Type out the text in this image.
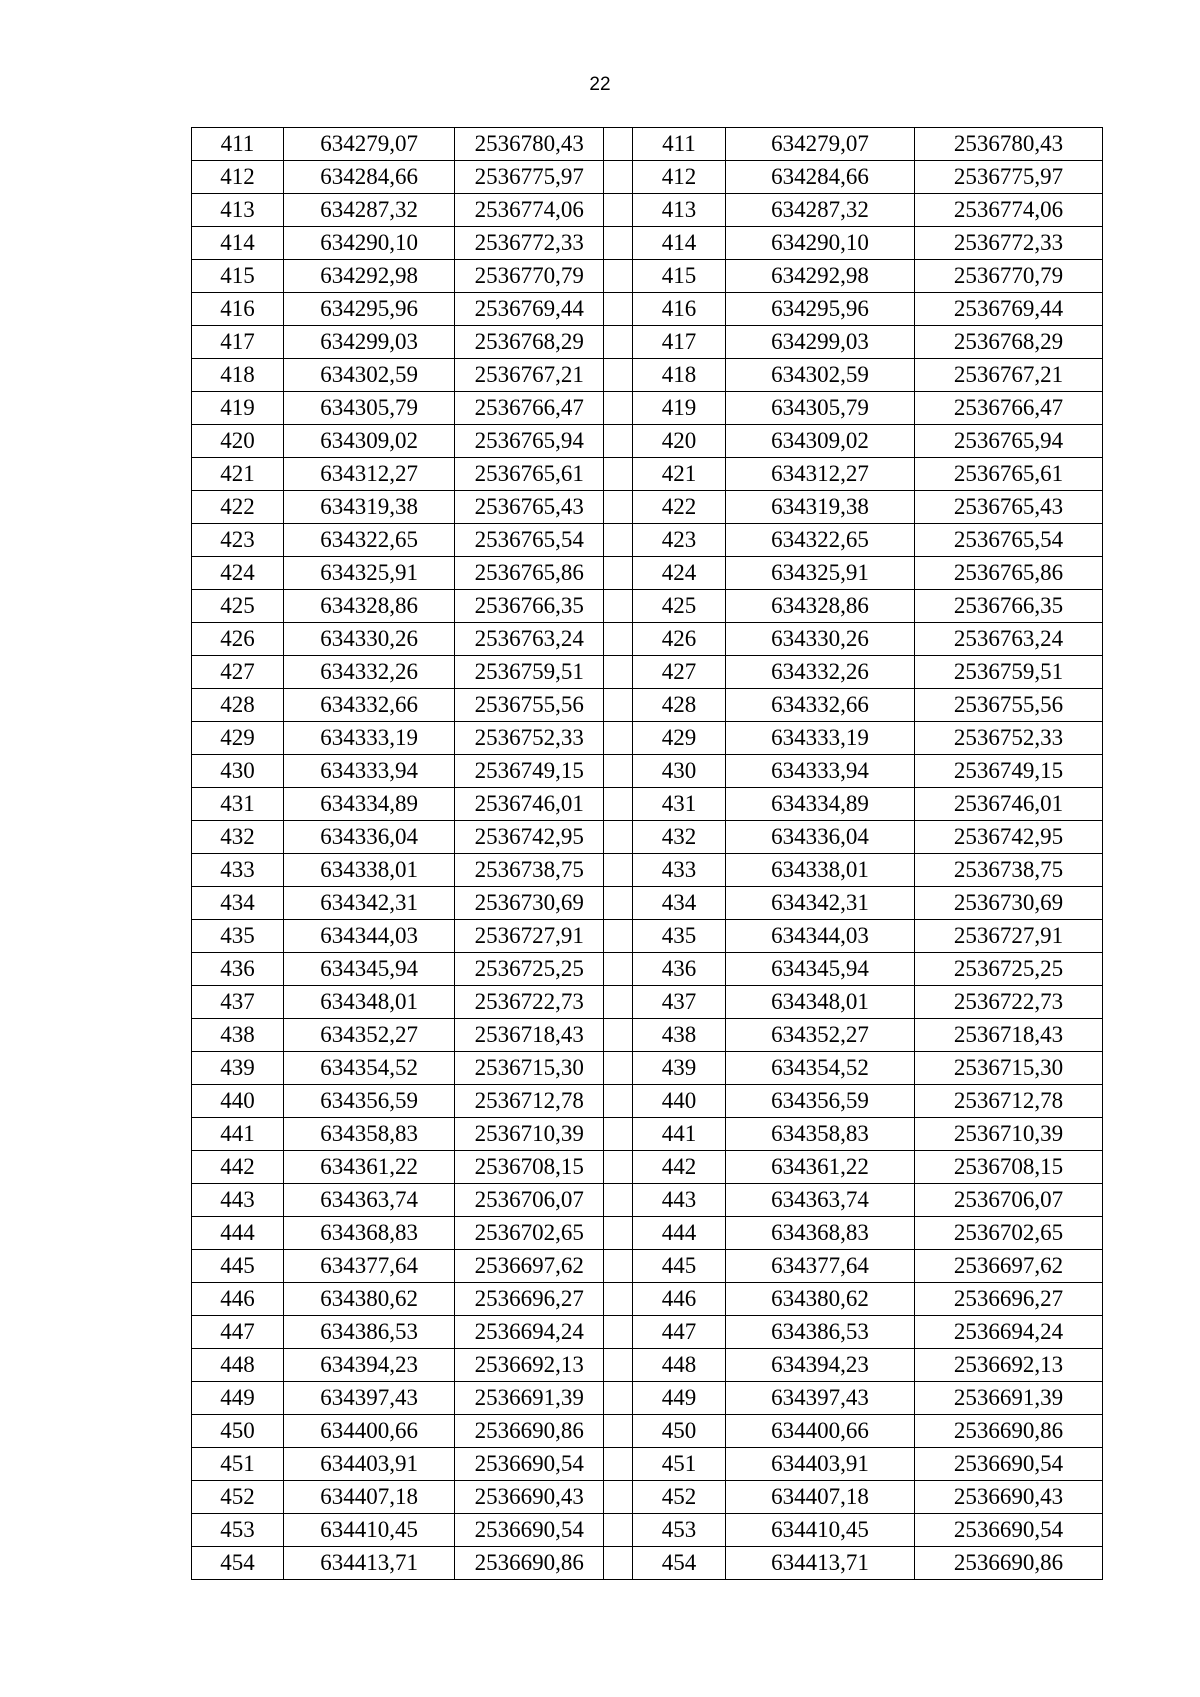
22
411	634279,07	2536780,43		411	634279,07	2536780,43
412	634284,66	2536775,97		412	634284,66	2536775,97
413	634287,32	2536774,06		413	634287,32	2536774,06
414	634290,10	2536772,33		414	634290,10	2536772,33
415	634292,98	2536770,79		415	634292,98	2536770,79
416	634295,96	2536769,44		416	634295,96	2536769,44
417	634299,03	2536768,29		417	634299,03	2536768,29
418	634302,59	2536767,21		418	634302,59	2536767,21
419	634305,79	2536766,47		419	634305,79	2536766,47
420	634309,02	2536765,94		420	634309,02	2536765,94
421	634312,27	2536765,61		421	634312,27	2536765,61
422	634319,38	2536765,43		422	634319,38	2536765,43
423	634322,65	2536765,54		423	634322,65	2536765,54
424	634325,91	2536765,86		424	634325,91	2536765,86
425	634328,86	2536766,35		425	634328,86	2536766,35
426	634330,26	2536763,24		426	634330,26	2536763,24
427	634332,26	2536759,51		427	634332,26	2536759,51
428	634332,66	2536755,56		428	634332,66	2536755,56
429	634333,19	2536752,33		429	634333,19	2536752,33
430	634333,94	2536749,15		430	634333,94	2536749,15
431	634334,89	2536746,01		431	634334,89	2536746,01
432	634336,04	2536742,95		432	634336,04	2536742,95
433	634338,01	2536738,75		433	634338,01	2536738,75
434	634342,31	2536730,69		434	634342,31	2536730,69
435	634344,03	2536727,91		435	634344,03	2536727,91
436	634345,94	2536725,25		436	634345,94	2536725,25
437	634348,01	2536722,73		437	634348,01	2536722,73
438	634352,27	2536718,43		438	634352,27	2536718,43
439	634354,52	2536715,30		439	634354,52	2536715,30
440	634356,59	2536712,78		440	634356,59	2536712,78
441	634358,83	2536710,39		441	634358,83	2536710,39
442	634361,22	2536708,15		442	634361,22	2536708,15
443	634363,74	2536706,07		443	634363,74	2536706,07
444	634368,83	2536702,65		444	634368,83	2536702,65
445	634377,64	2536697,62		445	634377,64	2536697,62
446	634380,62	2536696,27		446	634380,62	2536696,27
447	634386,53	2536694,24		447	634386,53	2536694,24
448	634394,23	2536692,13		448	634394,23	2536692,13
449	634397,43	2536691,39		449	634397,43	2536691,39
450	634400,66	2536690,86		450	634400,66	2536690,86
451	634403,91	2536690,54		451	634403,91	2536690,54
452	634407,18	2536690,43		452	634407,18	2536690,43
453	634410,45	2536690,54		453	634410,45	2536690,54
454	634413,71	2536690,86		454	634413,71	2536690,86
